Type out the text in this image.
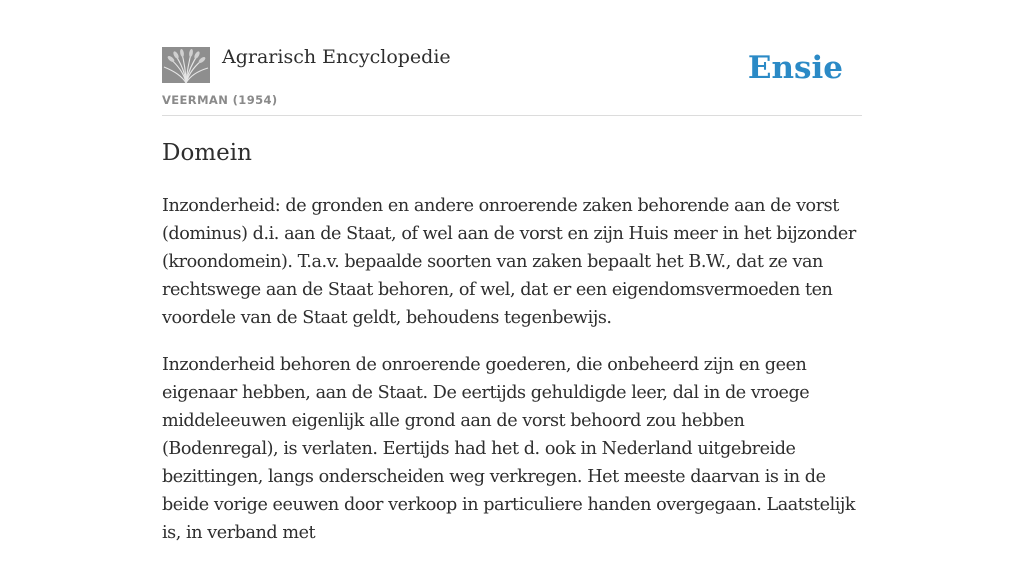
Agrarisch Encyclopedie
VEERMAN (1954)
Ensie
Domein

Inzonderheid: de gronden en andere onroerende zaken behorende aan de vorst (dominus) d.i. aan de Staat, of wel aan de vorst en zijn Huis meer in het bijzonder (kroondomein). T.a.v. bepaalde soorten van zaken bepaalt het B.W., dat ze van rechtswege aan de Staat behoren, of wel, dat er een eigendomsvermoeden ten voordele van de Staat geldt, behoudens tegenbewijs.

Inzonderheid behoren de onroerende goederen, die onbeheerd zijn en geen eigenaar hebben, aan de Staat. De eertijds gehuldigde leer, dal in de vroege middeleeuwen eigenlijk alle grond aan de vorst behoord zou hebben (Bodenregal), is verlaten. Eertijds had het d. ook in Nederland uitgebreide bezittingen, langs onderscheiden weg verkregen. Het meeste daarvan is in de beide vorige eeuwen door verkoop in particuliere handen overgegaan. Laatstelijk is, in verband met
